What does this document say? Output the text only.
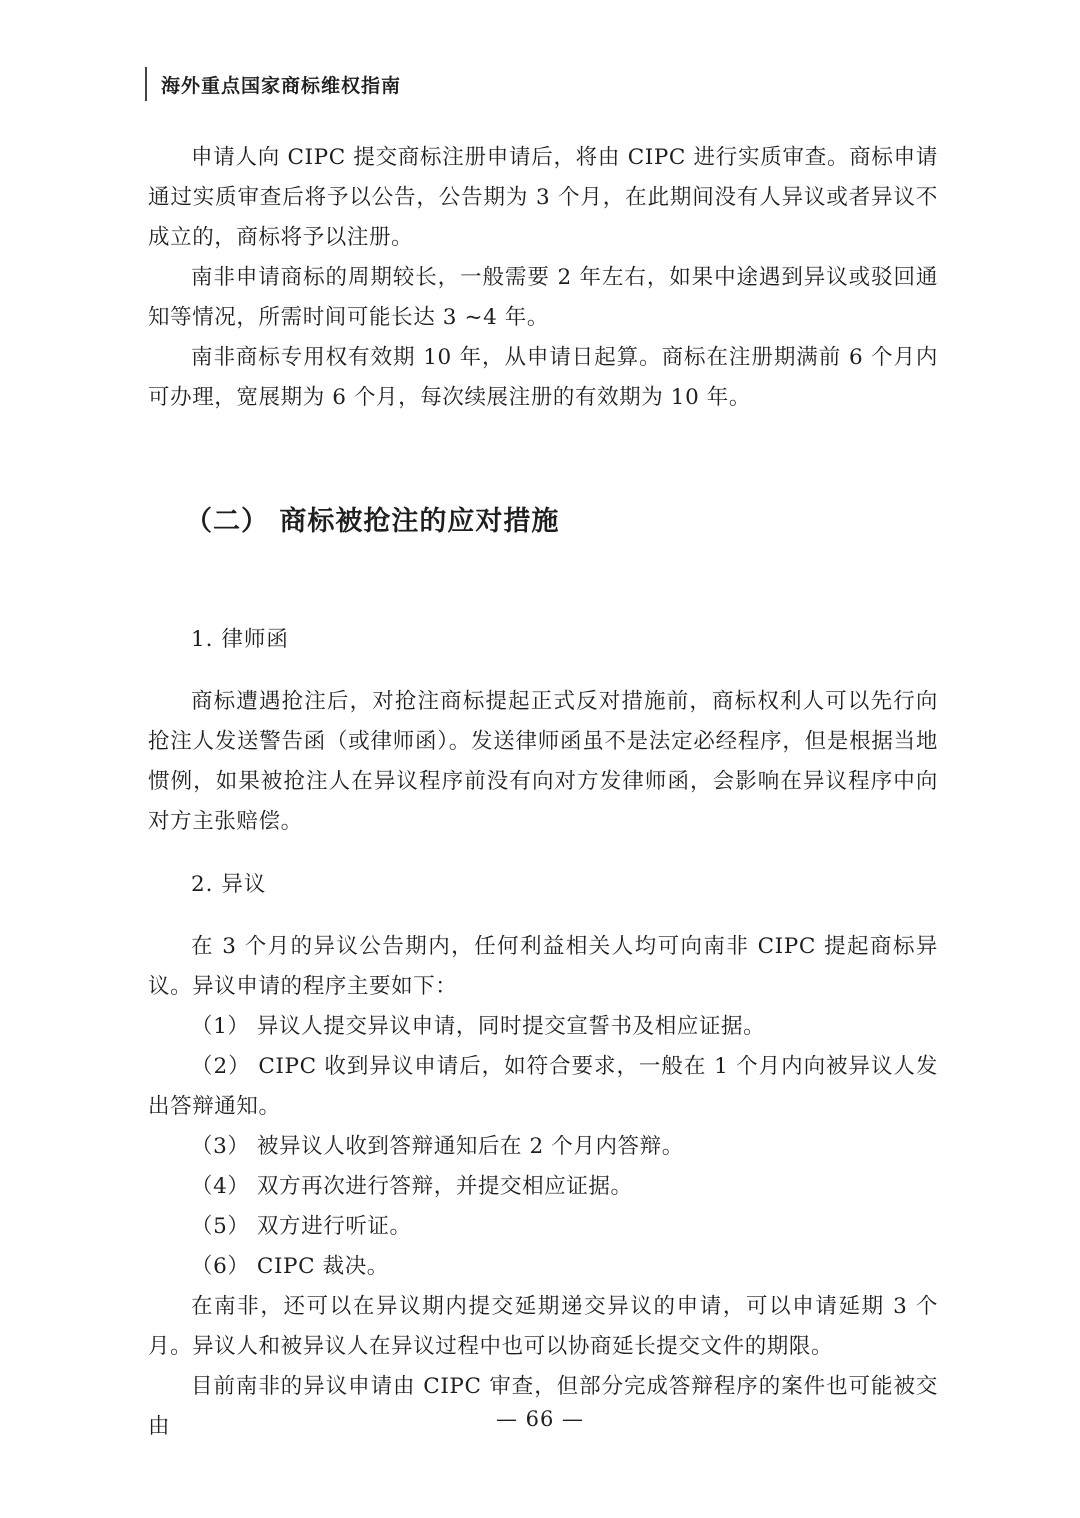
海外重点国家商标维权指南

申请人向 CIPC 提交商标注册申请后，将由 CIPC 进行实质审查。商标申请通过实质审查后将予以公告，公告期为 3 个月，在此期间没有人异议或者异议不成立的，商标将予以注册。

南非申请商标的周期较长，一般需要 2 年左右，如果中途遇到异议或驳回通知等情况，所需时间可能长达 3 ~4 年。

南非商标专用权有效期 10 年，从申请日起算。商标在注册期满前 6 个月内可办理，宽展期为 6 个月，每次续展注册的有效期为 10 年。

（二） 商标被抢注的应对措施
1. 律师函

商标遭遇抢注后，对抢注商标提起正式反对措施前，商标权利人可以先行向抢注人发送警告函（或律师函）。发送律师函虽不是法定必经程序，但是根据当地惯例，如果被抢注人在异议程序前没有向对方发律师函，会影响在异议程序中向对方主张赔偿。

2. 异议

在 3 个月的异议公告期内，任何利益相关人均可向南非 CIPC 提起商标异议。异议申请的程序主要如下：

（1） 异议人提交异议申请，同时提交宣誓书及相应证据。

（2） CIPC 收到异议申请后，如符合要求，一般在 1 个月内向被异议人发出答辩通知。

（3） 被异议人收到答辩通知后在 2 个月内答辩。

（4） 双方再次进行答辩，并提交相应证据。

（5） 双方进行听证。

（6） CIPC 裁决。

在南非，还可以在异议期内提交延期递交异议的申请，可以申请延期 3 个月。异议人和被异议人在异议过程中也可以协商延长提交文件的期限。

目前南非的异议申请由 CIPC 审查，但部分完成答辩程序的案件也可能被交由	— 66 —
